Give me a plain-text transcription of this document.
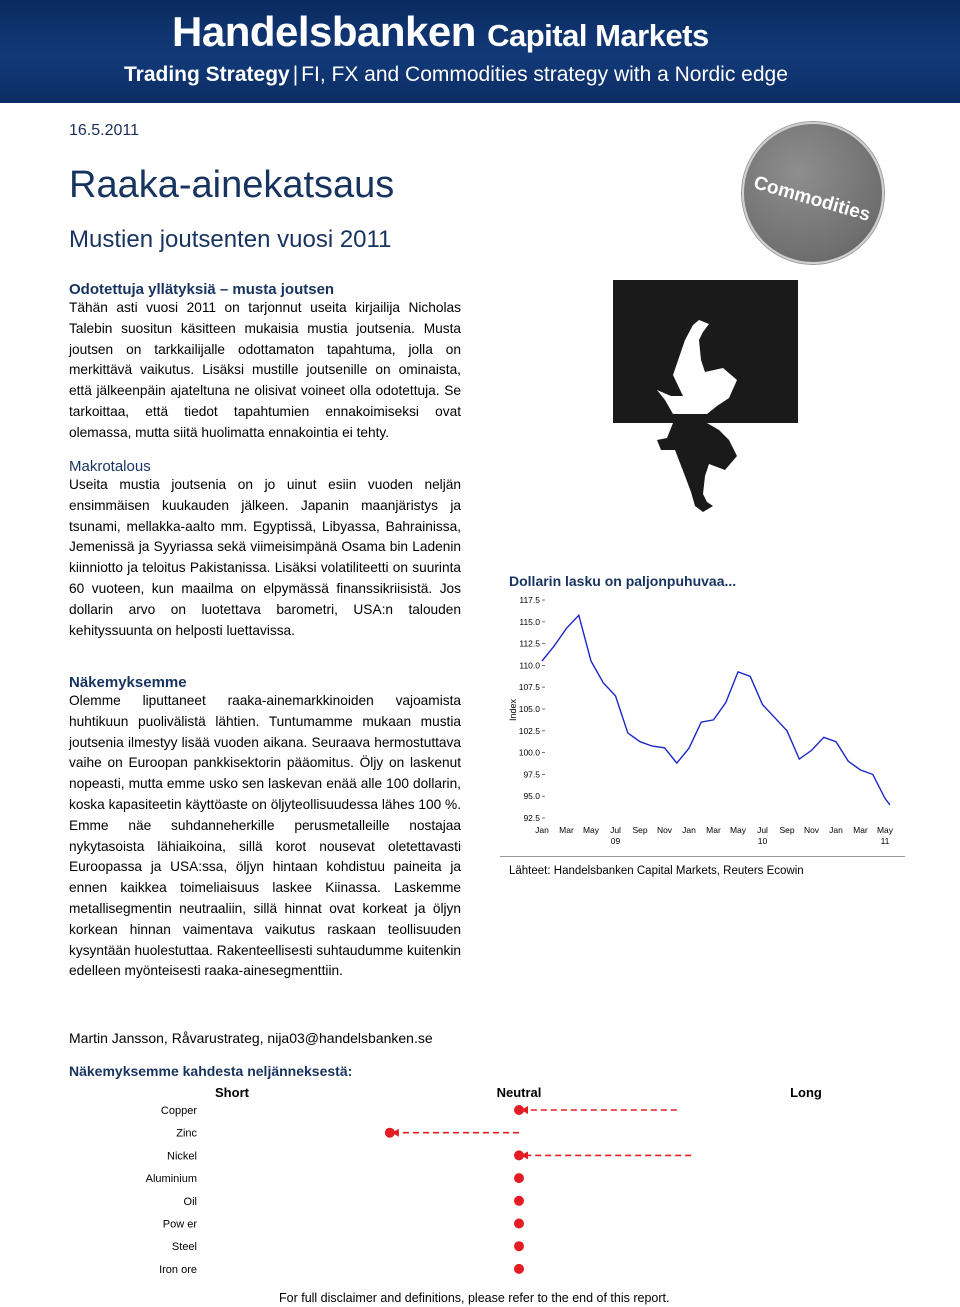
Handelsbanken Capital Markets
Trading Strategy | FI, FX and Commodities strategy with a Nordic edge
16.5.2011
Raaka-ainekatsaus
Mustien joutsenten vuosi 2011
Commodities
Odotettuja yllätyksiä – musta joutsen
Tähän asti vuosi 2011 on tarjonnut useita kirjailija Nicholas Talebin suositun käsitteen mukaisia mustia joutsenia. Musta joutsen on tarkkailijalle odottamaton tapahtuma, jolla on merkittävä vaikutus. Lisäksi mustille joutsenille on ominaista, että jälkeenpäin ajateltuna ne olisivat voineet olla odotettuja. Se tarkoittaa, että tiedot tapahtumien ennakoimiseksi ovat olemassa, mutta siitä huolimatta ennakointia ei tehty.
Makrotalous
Useita mustia joutsenia on jo uinut esiin vuoden neljän ensimmäisen kuukauden jälkeen. Japanin maanjäristys ja tsunami, mellakka-aalto mm. Egyptissä, Libyassa, Bahrainissa, Jemenissä ja Syyriassa sekä viimeisimpänä Osama bin Ladenin kiinniotto ja teloitus Pakistanissa. Lisäksi volatiliteetti on suurinta 60 vuoteen, kun maailma on elpymässä finanssikriisistä. Jos dollarin arvo on luotettava barometri, USA:n talouden kehityssuunta on helposti luettavissa.
Näkemyksemme
Olemme liputtaneet raaka-ainemarkkinoiden vajoamista huhtikuun puolivälistä lähtien. Tuntumamme mukaan mustia joutsenia ilmestyy lisää vuoden aikana. Seuraava hermostuttava vaihe on Euroopan pankkisektorin pääomitus. Öljy on laskenut nopeasti, mutta emme usko sen laskevan enää alle 100 dollarin, koska kapasiteetin käyttöaste on öljyteollisuudessa lähes 100 %. Emme näe suhdanneherkille perusmetalleille nostajaa nykytasoista lähiaikoina, sillä korot nousevat oletettavasti Euroopassa ja USA:ssa, öljyn hintaan kohdistuu paineita ja ennen kaikkea toimeliaisuus laskee Kiinassa. Laskemme metallisegmentin neutraaliin, sillä hinnat ovat korkeat ja öljyn korkean hinnan vaimentava vaikutus raskaan teollisuuden kysyntään huolestuttaa. Rakenteellisesti suhtaudumme kuitenkin edelleen myönteisesti raaka-ainesegmenttiin.
Dollarin lasku on paljonpuhuvaa...
Index
117.5
115.0
112.5
110.0
107.5
105.0
102.5
100.0
97.5
95.0
92.5
Jan Mar May Jul
09
Sep Nov Jan Mar May Jul
10
Sep Nov Jan Mar May
11
Lähteet: Handelsbanken Capital Markets, Reuters Ecowin
Martin Jansson, Råvarustrateg, nija03@handelsbanken.se
Näkemyksemme kahdesta neljänneksestä:
Short	Neutral	Long
Copper
Zinc
Nickel
Aluminium
Oil
Pow er
Steel
Iron ore
For full disclaimer and definitions, please refer to the end of this report.
